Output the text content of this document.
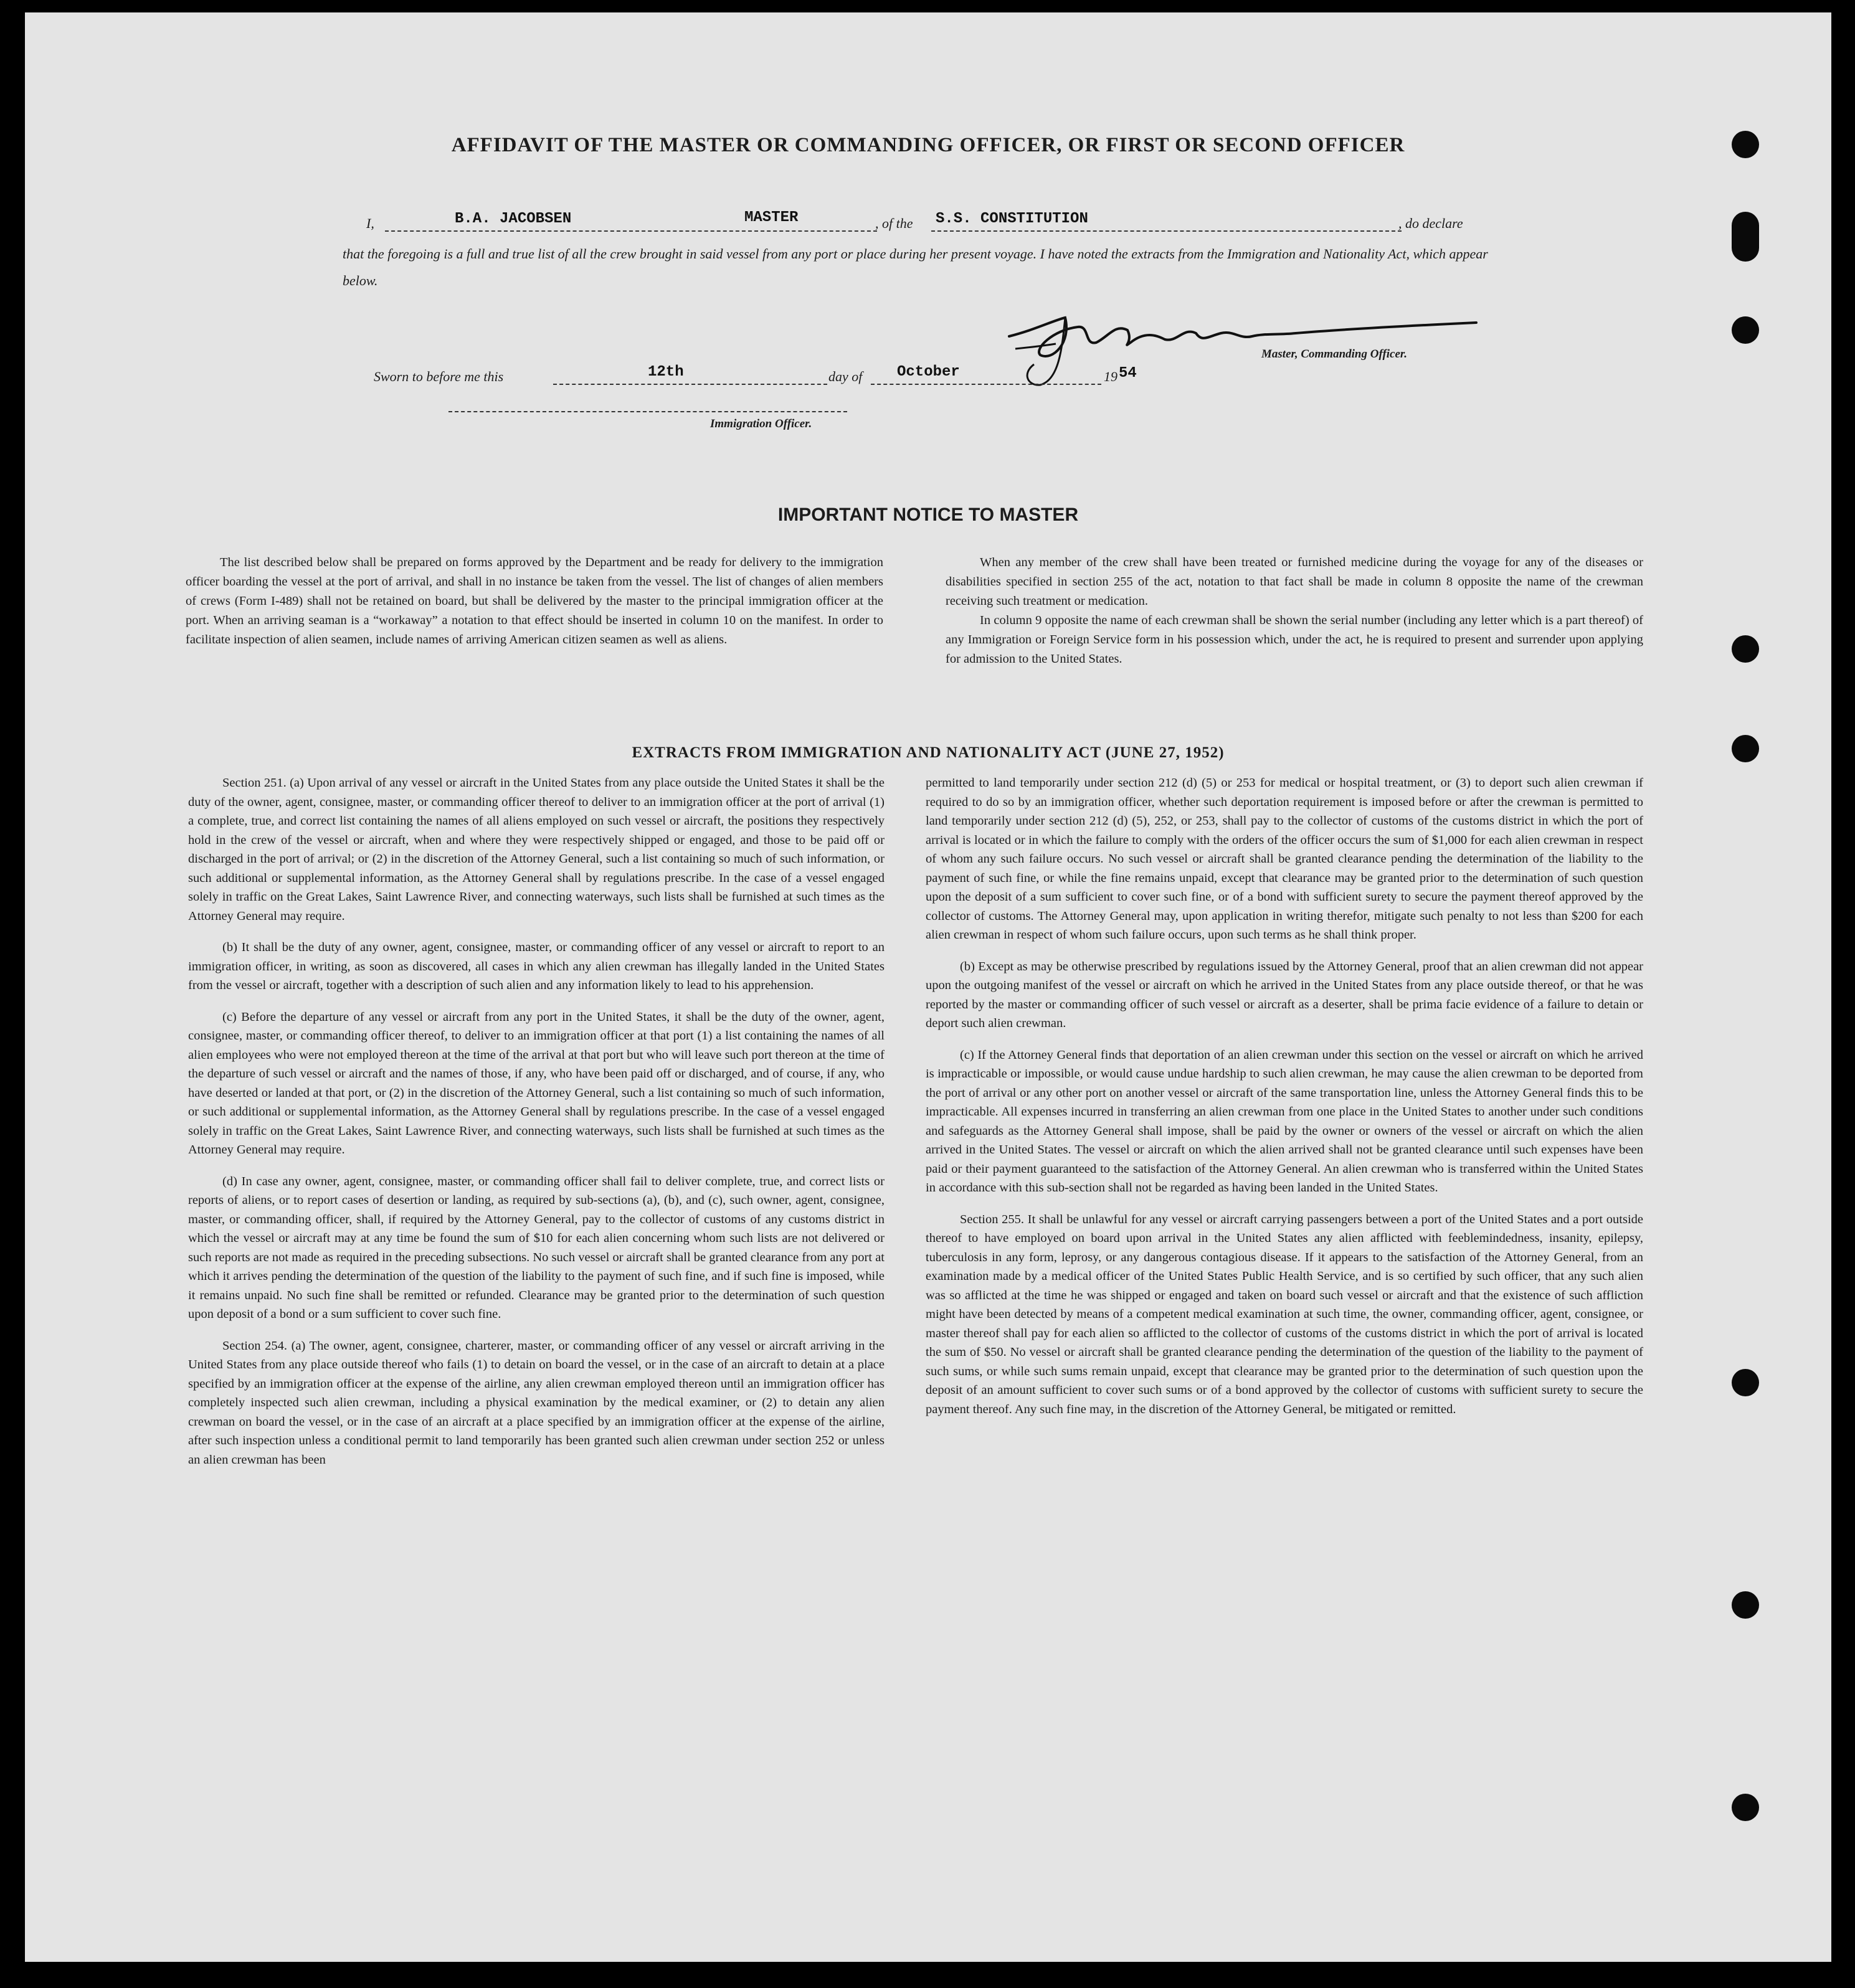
AFFIDAVIT OF THE MASTER OR COMMANDING OFFICER, OR FIRST OR SECOND OFFICER
I,	B.A. JACOBSEN	MASTER	, of the S.S. CONSTITUTION	, do declare
that the foregoing is a full and true list of all the crew brought in said vessel from any port or place during her present voyage. I have noted the extracts from the Immigration and Nationality Act, which appear below.
Master, Commanding Officer.
Sworn to before me this	12th	day of October	19 54
Immigration Officer.
IMPORTANT NOTICE TO MASTER

The list described below shall be prepared on forms approved by the Department and be ready for delivery to the immigration officer boarding the vessel at the port of arrival, and shall in no instance be taken from the vessel. The list of changes of alien members of crews (Form I-489) shall not be retained on board, but shall be delivered by the master to the principal immigration officer at the port. When an arriving seaman is a “workaway” a notation to that effect should be inserted in column 10 on the manifest. In order to facilitate inspection of alien seamen, include names of arriving American citizen seamen as well as aliens.

When any member of the crew shall have been treated or furnished medicine during the voyage for any of the diseases or disabilities specified in section 255 of the act, notation to that fact shall be made in column 8 opposite the name of the crewman receiving such treatment or medication.

In column 9 opposite the name of each crewman shall be shown the serial number (including any letter which is a part thereof) of any Immigration or Foreign Service form in his possession which, under the act, he is required to present and surrender upon applying for admission to the United States.

EXTRACTS FROM IMMIGRATION AND NATIONALITY ACT (JUNE 27, 1952)

Section 251. (a) Upon arrival of any vessel or aircraft in the United States from any place outside the United States it shall be the duty of the owner, agent, consignee, master, or commanding officer thereof to deliver to an immigration officer at the port of arrival (1) a complete, true, and correct list containing the names of all aliens employed on such vessel or aircraft, the positions they respectively hold in the crew of the vessel or aircraft, when and where they were respectively shipped or engaged, and those to be paid off or discharged in the port of arrival; or (2) in the discretion of the Attorney General, such a list containing so much of such information, or such additional or supplemental information, as the Attorney General shall by regulations prescribe. In the case of a vessel engaged solely in traffic on the Great Lakes, Saint Lawrence River, and connecting waterways, such lists shall be furnished at such times as the Attorney General may require.

(b) It shall be the duty of any owner, agent, consignee, master, or commanding officer of any vessel or aircraft to report to an immigration officer, in writing, as soon as discovered, all cases in which any alien crewman has illegally landed in the United States from the vessel or aircraft, together with a description of such alien and any information likely to lead to his apprehension.

(c) Before the departure of any vessel or aircraft from any port in the United States, it shall be the duty of the owner, agent, consignee, master, or commanding officer thereof, to deliver to an immigration officer at that port (1) a list containing the names of all alien employees who were not employed thereon at the time of the arrival at that port but who will leave such port thereon at the time of the departure of such vessel or aircraft and the names of those, if any, who have been paid off or discharged, and of course, if any, who have deserted or landed at that port, or (2) in the discretion of the Attorney General, such a list containing so much of such information, or such additional or supplemental information, as the Attorney General shall by regulations prescribe. In the case of a vessel engaged solely in traffic on the Great Lakes, Saint Lawrence River, and connecting waterways, such lists shall be furnished at such times as the Attorney General may require.

(d) In case any owner, agent, consignee, master, or commanding officer shall fail to deliver complete, true, and correct lists or reports of aliens, or to report cases of desertion or landing, as required by sub-sections (a), (b), and (c), such owner, agent, consignee, master, or commanding officer, shall, if required by the Attorney General, pay to the collector of customs of any customs district in which the vessel or aircraft may at any time be found the sum of $10 for each alien concerning whom such lists are not delivered or such reports are not made as required in the preceding subsections. No such vessel or aircraft shall be granted clearance from any port at which it arrives pending the determination of the question of the liability to the payment of such fine, and if such fine is imposed, while it remains unpaid. No such fine shall be remitted or refunded. Clearance may be granted prior to the determination of such question upon deposit of a bond or a sum sufficient to cover such fine.

Section 254. (a) The owner, agent, consignee, charterer, master, or commanding officer of any vessel or aircraft arriving in the United States from any place outside thereof who fails (1) to detain on board the vessel, or in the case of an aircraft to detain at a place specified by an immigration officer at the expense of the airline, any alien crewman employed thereon until an immigration officer has completely inspected such alien crewman, including a physical examination by the medical examiner, or (2) to detain any alien crewman on board the vessel, or in the case of an aircraft at a place specified by an immigration officer at the expense of the airline, after such inspection unless a conditional permit to land temporarily has been granted such alien crewman under section 252 or unless an alien crewman has been

permitted to land temporarily under section 212 (d) (5) or 253 for medical or hospital treatment, or (3) to deport such alien crewman if required to do so by an immigration officer, whether such deportation requirement is imposed before or after the crewman is permitted to land temporarily under section 212 (d) (5), 252, or 253, shall pay to the collector of customs of the customs district in which the port of arrival is located or in which the failure to comply with the orders of the officer occurs the sum of $1,000 for each alien crewman in respect of whom any such failure occurs. No such vessel or aircraft shall be granted clearance pending the determination of the liability to the payment of such fine, or while the fine remains unpaid, except that clearance may be granted prior to the determination of such question upon the deposit of a sum sufficient to cover such fine, or of a bond with sufficient surety to secure the payment thereof approved by the collector of customs. The Attorney General may, upon application in writing therefor, mitigate such penalty to not less than $200 for each alien crewman in respect of whom such failure occurs, upon such terms as he shall think proper.

(b) Except as may be otherwise prescribed by regulations issued by the Attorney General, proof that an alien crewman did not appear upon the outgoing manifest of the vessel or aircraft on which he arrived in the United States from any place outside thereof, or that he was reported by the master or commanding officer of such vessel or aircraft as a deserter, shall be prima facie evidence of a failure to detain or deport such alien crewman.

(c) If the Attorney General finds that deportation of an alien crewman under this section on the vessel or aircraft on which he arrived is impracticable or impossible, or would cause undue hardship to such alien crewman, he may cause the alien crewman to be deported from the port of arrival or any other port on another vessel or aircraft of the same transportation line, unless the Attorney General finds this to be impracticable. All expenses incurred in transferring an alien crewman from one place in the United States to another under such conditions and safeguards as the Attorney General shall impose, shall be paid by the owner or owners of the vessel or aircraft on which the alien arrived in the United States. The vessel or aircraft on which the alien arrived shall not be granted clearance until such expenses have been paid or their payment guaranteed to the satisfaction of the Attorney General. An alien crewman who is transferred within the United States in accordance with this sub-section shall not be regarded as having been landed in the United States.

Section 255. It shall be unlawful for any vessel or aircraft carrying passengers between a port of the United States and a port outside thereof to have employed on board upon arrival in the United States any alien afflicted with feeblemindedness, insanity, epilepsy, tuberculosis in any form, leprosy, or any dangerous contagious disease. If it appears to the satisfaction of the Attorney General, from an examination made by a medical officer of the United States Public Health Service, and is so certified by such officer, that any such alien was so afflicted at the time he was shipped or engaged and taken on board such vessel or aircraft and that the existence of such affliction might have been detected by means of a competent medical examination at such time, the owner, commanding officer, agent, consignee, or master thereof shall pay for each alien so afflicted to the collector of customs of the customs district in which the port of arrival is located the sum of $50. No vessel or aircraft shall be granted clearance pending the determination of the question of the liability to the payment of such sums, or while such sums remain unpaid, except that clearance may be granted prior to the determination of such question upon the deposit of an amount sufficient to cover such sums or of a bond approved by the collector of customs with sufficient surety to secure the payment thereof. Any such fine may, in the discretion of the Attorney General, be mitigated or remitted.
